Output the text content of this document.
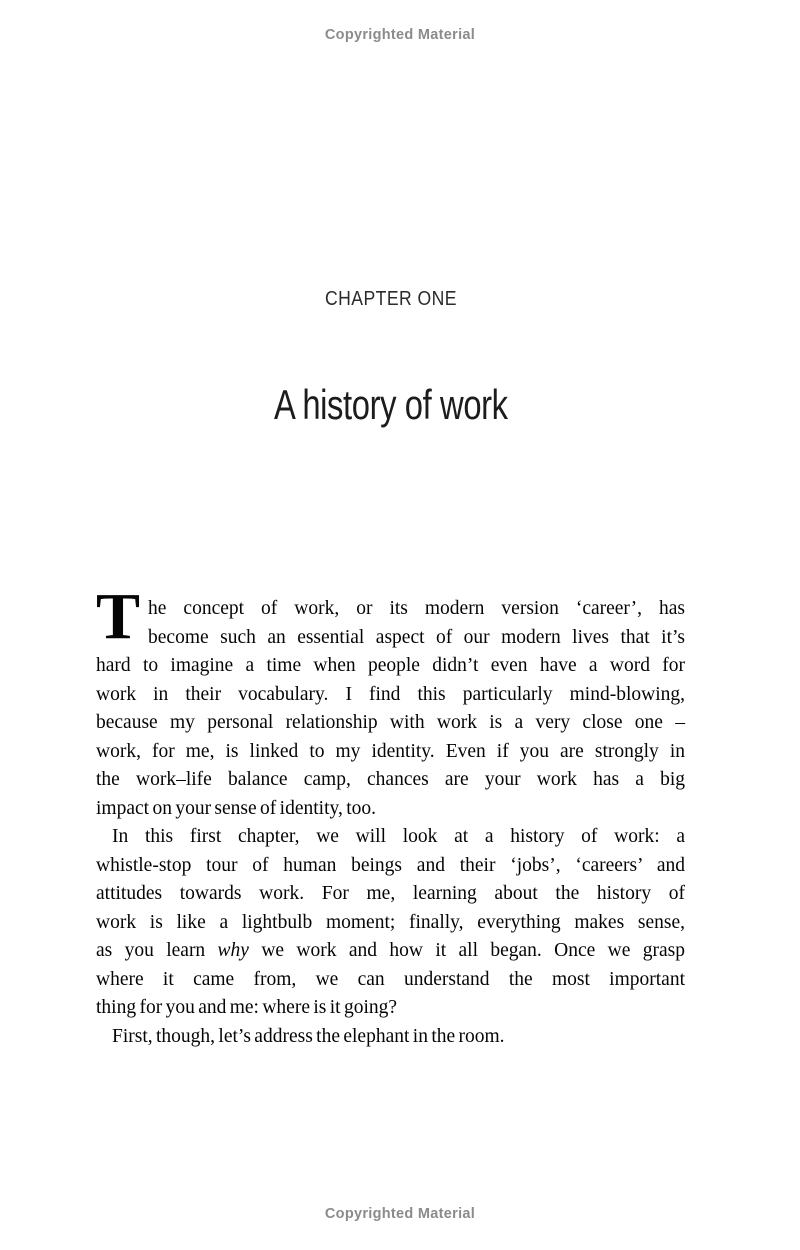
Copyrighted Material
CHAPTER ONE
A history of work
T he concept of work, or its modern version ‘career’, has
become such an essential aspect of our modern lives that it’s
hard to imagine a time when people didn’t even have a word for
work in their vocabulary. I find this particularly mind-blowing,
because my personal relationship with work is a very close one –
work, for me, is linked to my identity. Even if you are strongly in
the work–life balance camp, chances are your work has a big
impact on your sense of identity, too.
In this first chapter, we will look at a history of work: a
whistle-stop tour of human beings and their ‘jobs’, ‘careers’ and
attitudes towards work. For me, learning about the history of
work is like a lightbulb moment; finally, everything makes sense,
as you learn why we work and how it all began. Once we grasp
where it came from, we can understand the most important
thing for you and me: where is it going?
First, though, let’s address the elephant in the room.
Copyrighted Material
